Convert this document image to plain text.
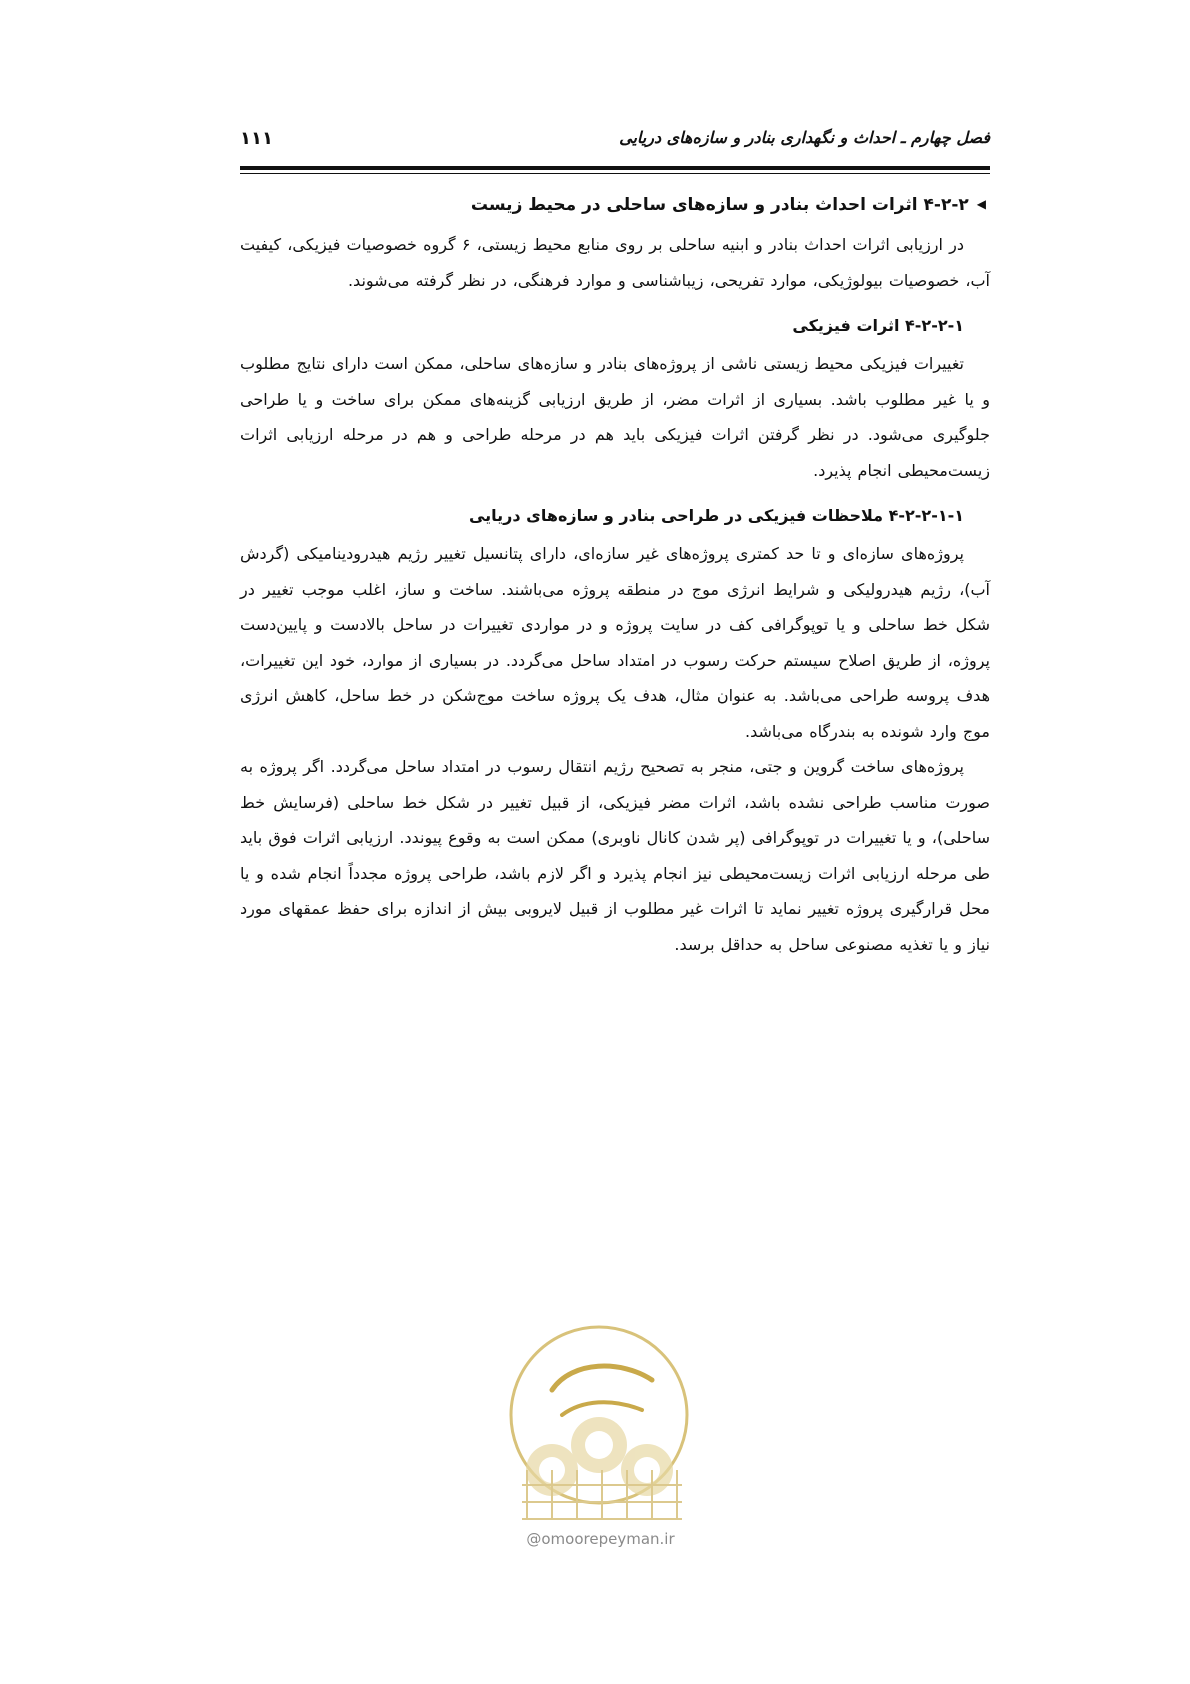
۱۱۱	فصل چهارم ـ احداث و نگهداری بنادر و سازه‌های دریایی
◀۴-۲-۲ اثرات احداث بنادر و سازه‌های ساحلی در محیط زیست

در ارزیابی اثرات احداث بنادر و ابنیه ساحلی بر روی منابع محیط زیستی، ۶ گروه خصوصیات فیزیکی، کیفیت آب، خصوصیات بیولوژیکی، موارد تفریحی، زیباشناسی و موارد فرهنگی، در نظر گرفته می‌شوند.

۴-۲-۲-۱ اثرات فیزیکی

تغییرات فیزیکی محیط زیستی ناشی از پروژه‌های بنادر و سازه‌های ساحلی، ممکن است دارای نتایج مطلوب و یا غیر مطلوب باشد. بسیاری از اثرات مضر، از طریق ارزیابی گزینه‌های ممکن برای ساخت و یا طراحی جلوگیری می‌شود. در نظر گرفتن اثرات فیزیکی باید هم در مرحله طراحی و هم در مرحله ارزیابی اثرات زیست‌محیطی انجام پذیرد.

۴-۲-۲-۱-۱ ملاحظات فیزیکی در طراحی بنادر و سازه‌های دریایی

پروژه‌های سازه‌ای و تا حد کمتری پروژه‌های غیر سازه‌ای، دارای پتانسیل تغییر رژیم هیدرودینامیکی (گردش آب)، رژیم هیدرولیکی و شرایط انرژی موج در منطقه پروژه می‌باشند. ساخت و ساز، اغلب موجب تغییر در شکل خط ساحلی و یا توپوگرافی کف در سایت پروژه و در مواردی تغییرات در ساحل بالادست و پایین‌دست پروژه، از طریق اصلاح سیستم حرکت رسوب در امتداد ساحل می‌گردد. در بسیاری از موارد، خود این تغییرات، هدف پروسه طراحی می‌باشد. به عنوان مثال، هدف یک پروژه ساخت موج‌شکن در خط ساحل، کاهش انرژی موج وارد شونده به بندرگاه می‌باشد.

پروژه‌های ساخت گروین و جتی، منجر به تصحیح رژیم انتقال رسوب در امتداد ساحل می‌گردد. اگر پروژه به صورت مناسب طراحی نشده باشد، اثرات مضر فیزیکی، از قبیل تغییر در شکل خط ساحلی (فرسایش خط ساحلی)، و یا تغییرات در توپوگرافی (پر شدن کانال ناوبری) ممکن است به وقوع پیوندد. ارزیابی اثرات فوق باید طی مرحله ارزیابی اثرات زیست‌محیطی نیز انجام پذیرد و اگر لازم باشد، طراحی پروژه مجدداً انجام شده و یا محل قرارگیری پروژه تغییر نماید تا اثرات غیر مطلوب از قبیل لایروبی بیش از اندازه برای حفظ عمقهای مورد نیاز و یا تغذیه مصنوعی ساحل به حداقل برسد.

@omoorepeyman.ir
